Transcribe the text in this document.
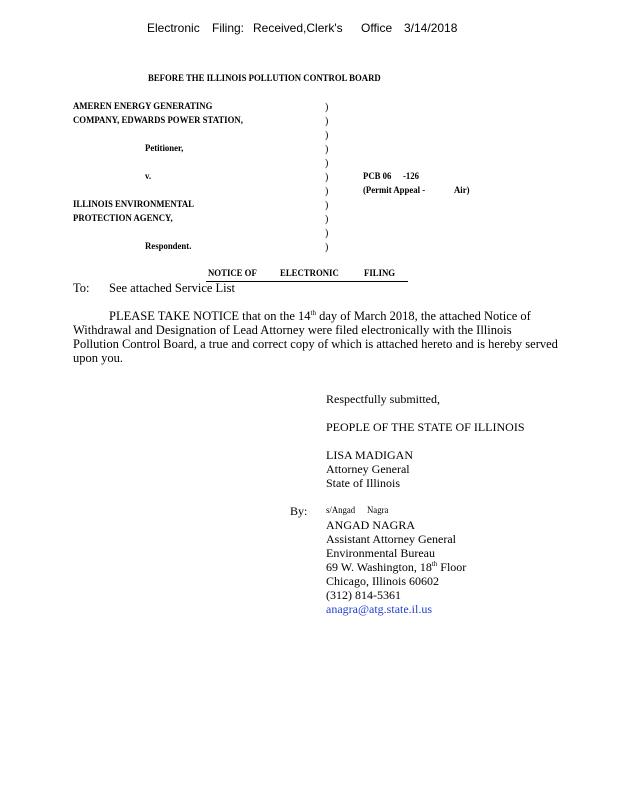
Electronic Filing: Received,Clerk's Office 3/14/2018
BEFORE THE ILLINOIS POLLUTION CONTROL BOARD
AMEREN ENERGY GENERATING
COMPANY, EDWARDS POWER STATION,
Petitioner,
v.
ILLINOIS ENVIRONMENTAL
PROTECTION AGENCY,
Respondent.
)
)
)
)
)
)
)
)
)
)
)
PCB 06 -126
(Permit Appeal -	Air)
NOTICE OF ELECTRONIC	FILING
To: See attached Service List
PLEASE TAKE NOTICE that on the 14th day of March 2018, the attached Notice of
Withdrawal and Designation of Lead Attorney were filed electronically with the Illinois
Pollution Control Board, a true and correct copy of which is attached hereto and is hereby served
upon you.
Respectfully submitted,
PEOPLE OF THE STATE OF ILLINOIS
LISA MADIGAN
Attorney General
State of Illinois
By: s/Angad Nagra
ANGAD NAGRA
Assistant Attorney General
Environmental Bureau
69 W. Washington, 18th Floor
Chicago, Illinois 60602
(312) 814-5361
anagra@atg.state.il.us
